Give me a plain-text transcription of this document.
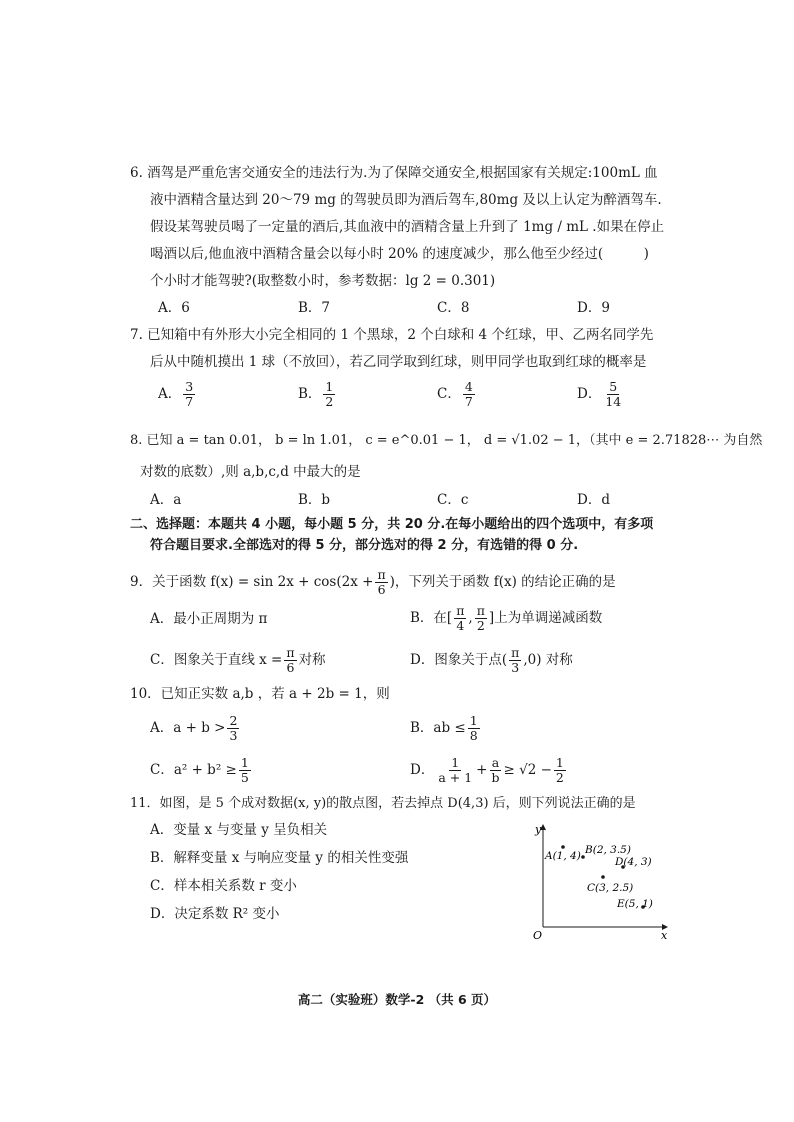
6. 酒驾是严重危害交通安全的违法行为.为了保障交通安全,根据国家有关规定:100mL 血
液中酒精含量达到 20～79 mg 的驾驶员即为酒后驾车,80mg 及以上认定为醉酒驾车.
假设某驾驶员喝了一定量的酒后,其血液中的酒精含量上升到了 1mg / mL .如果在停止
喝酒以后,他血液中酒精含量会以每小时 20% 的速度减少，那么他至少经过(　　　)
个小时才能驾驶?(取整数小时，参考数据：lg 2 = 0.301)
A．6	B．7	C．8	D．9
7. 已知箱中有外形大小完全相同的 1 个黑球，2 个白球和 4 个红球，甲、乙两名同学先
后从中随机摸出 1 球（不放回），若乙同学取到红球，则甲同学也取到红球的概率是
A． $\frac{3}{7}$	B． $\frac{1}{2}$	C． $\frac{4}{7}$	D． $\frac{5}{14}$
8. 已知 a = tan 0.01， b = ln 1.01， c = e^0.01 − 1， d = √1.02 − 1，（其中 e = 2.71828⋯ 为自然
对数的底数）,则 a,b,c,d 中最大的是
A．a	B．b	C．c	D．d
二、选择题：本题共 4 小题，每小题 5 分，共 20 分.在每小题给出的四个选项中，有多项
符合题目要求.全部选对的得 5 分，部分选对的得 2 分，有选错的得 0 分.
9．关于函数 $f(x) = \sin 2x + \cos(2x + \frac{\pi}{6}$ )，下列关于函数 f(x) 的结论正确的是
A．最小正周期为 π	B．在[ $\frac{\pi}{4}$ , $\frac{\pi}{2}$ ]上为单调递减函数
C．图象关于直线 $x = \frac{\pi}{6}$ 对称	D．图象关于点( $\frac{\pi}{3} ,0$) 对称
10．已知正实数 a,b ，若 a + 2b = 1，则
A．$a + b > \frac{2}{3}$	B．ab ≤ $\frac{1}{8}$
C．$a^2 + b^2 \ge \frac{1}{5}$	D． $\frac{1}{a + 1} + \frac{a}{b} \ge √2 - \frac{1}{2}$
11．如图，是 5 个成对数据(x, y)的散点图，若去掉点 D(4,3) 后，则下列说法正确的是
A．变量 x 与变量 y 呈负相关
B．解释变量 x 与响应变量 y 的相关性变强
C．样本相关系数 r 变小
D．决定系数 R² 变小
y
x
O
A(1, 4) B(2, 3.5)
C(3, 2.5)
D(4, 3)
E(5, 1)
高二（实验班）数学-2 （共 6 页）
